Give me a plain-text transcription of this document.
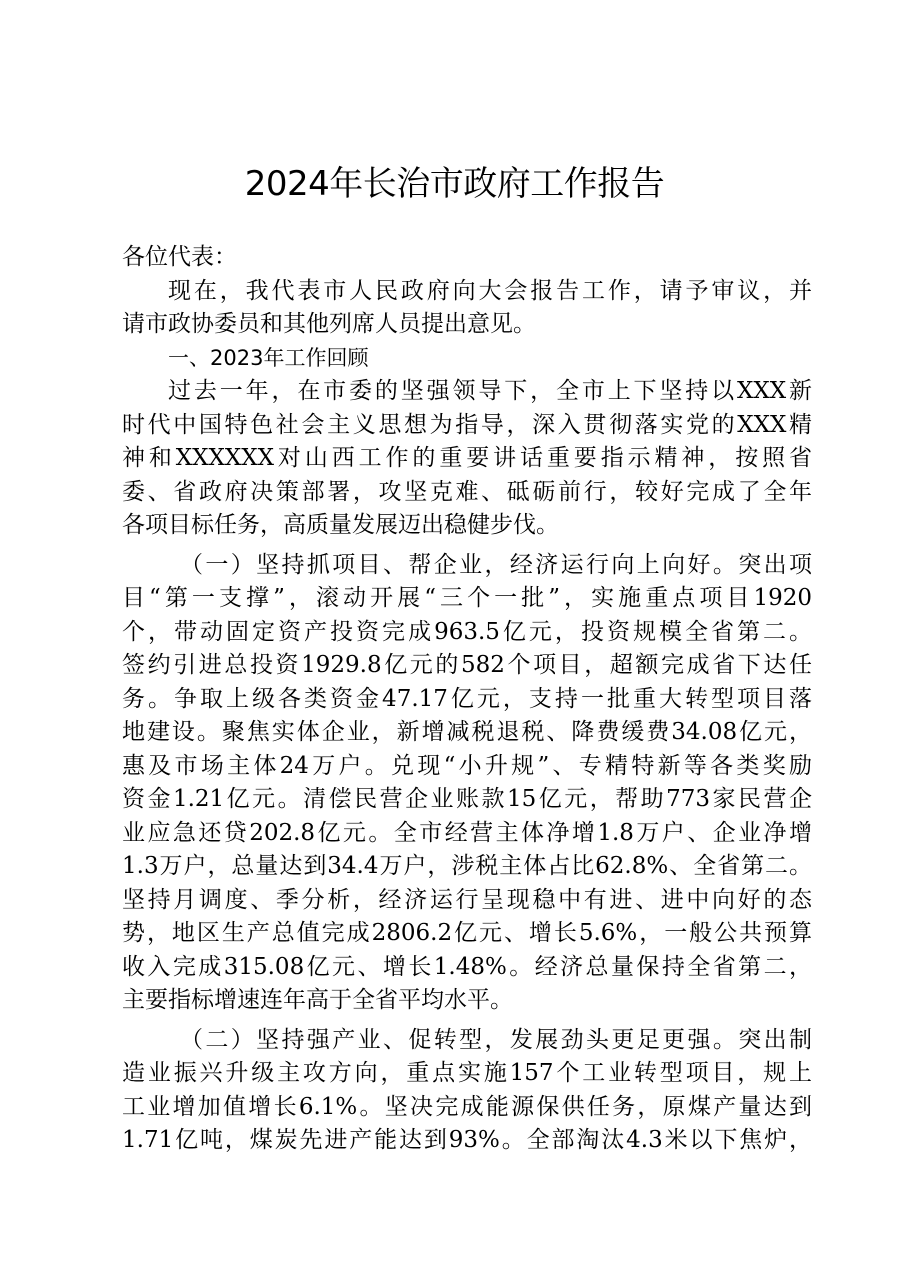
2024年长治市政府工作报告
各位代表：
现在，我代表市人民政府向大会报告工作，请予审议，并
请市政协委员和其他列席人员提出意见。
一、2023年工作回顾
过去一年，在市委的坚强领导下，全市上下坚持以XXX新
时代中国特色社会主义思想为指导，深入贯彻落实党的XXX精
神和XXXXXX对山西工作的重要讲话重要指示精神，按照省
委、省政府决策部署，攻坚克难、砥砺前行，较好完成了全年
各项目标任务，高质量发展迈出稳健步伐。
（一）坚持抓项目、帮企业，经济运行向上向好。突出项
目“第一支撑”，滚动开展“三个一批”，实施重点项目1920
个，带动固定资产投资完成963.5亿元，投资规模全省第二。
签约引进总投资1929.8亿元的582个项目，超额完成省下达任
务。争取上级各类资金47.17亿元，支持一批重大转型项目落
地建设。聚焦实体企业，新增减税退税、降费缓费34.08亿元，
惠及市场主体24万户。兑现“小升规”、专精特新等各类奖励
资金1.21亿元。清偿民营企业账款15亿元，帮助773家民营企
业应急还贷202.8亿元。全市经营主体净增1.8万户、企业净增
1.3万户，总量达到34.4万户，涉税主体占比62.8%、全省第二。
坚持月调度、季分析，经济运行呈现稳中有进、进中向好的态
势，地区生产总值完成2806.2亿元、增长5.6%，一般公共预算
收入完成315.08亿元、增长1.48%。经济总量保持全省第二，
主要指标增速连年高于全省平均水平。
（二）坚持强产业、促转型，发展劲头更足更强。突出制
造业振兴升级主攻方向，重点实施157个工业转型项目，规上
工业增加值增长6.1%。坚决完成能源保供任务，原煤产量达到
1.71亿吨，煤炭先进产能达到93%。全部淘汰4.3米以下焦炉，
